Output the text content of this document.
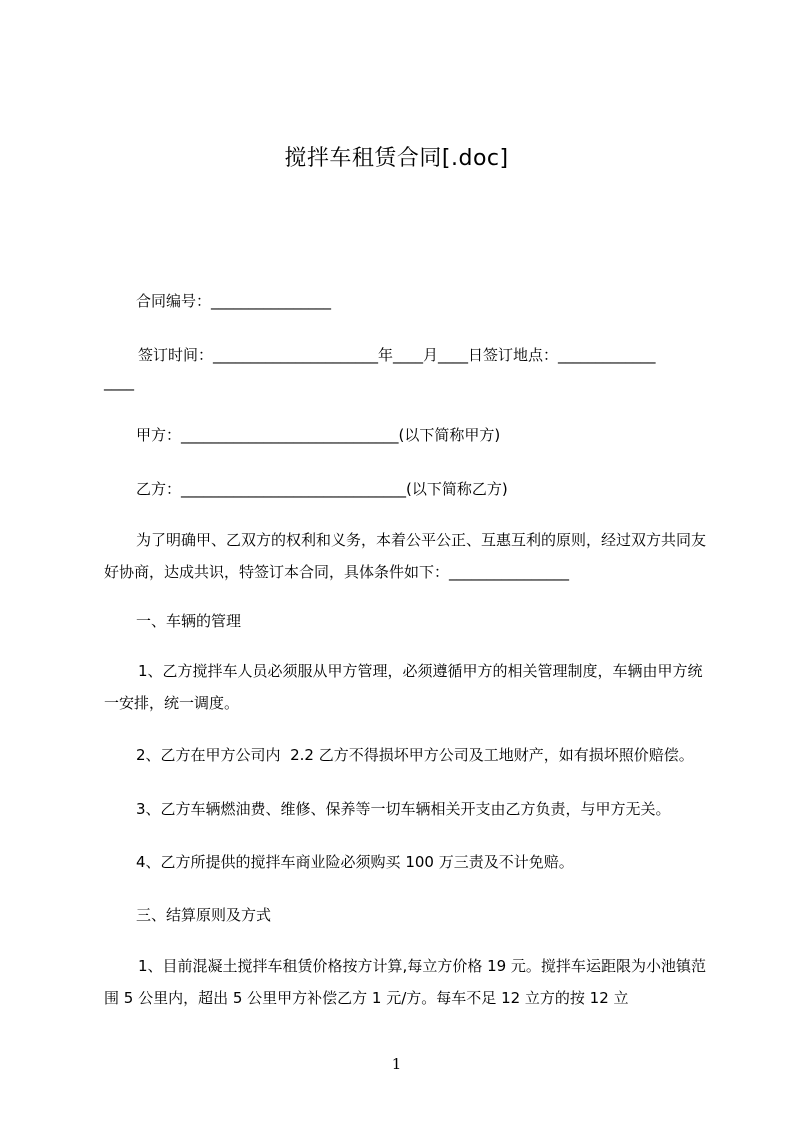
搅拌车租赁合同[.doc]
合同编号：________________
签订时间：______________________年____月____日签订地点：_____________
____
甲方：_____________________________(以下简称甲方)
乙方：______________________________(以下简称乙方)
为了明确甲、乙双方的权利和义务，本着公平公正、互惠互利的原则，经过双方共同友好协商，达成共识，特签订本合同，具体条件如下：________________
一、车辆的管理
1、乙方搅拌车人员必须服从甲方管理，必须遵循甲方的相关管理制度，车辆由甲方统一安排，统一调度。
2、乙方在甲方公司内  2.2 乙方不得损坏甲方公司及工地财产，如有损坏照价赔偿。
3、乙方车辆燃油费、维修、保养等一切车辆相关开支由乙方负责，与甲方无关。
4、乙方所提供的搅拌车商业险必须购买 100 万三责及不计免赔。
三、结算原则及方式
1、目前混凝土搅拌车租赁价格按方计算,每立方价格 19 元。搅拌车运距限为小池镇范围 5 公里内，超出 5 公里甲方补偿乙方 1 元/方。每车不足 12 立方的按 12 立
1
